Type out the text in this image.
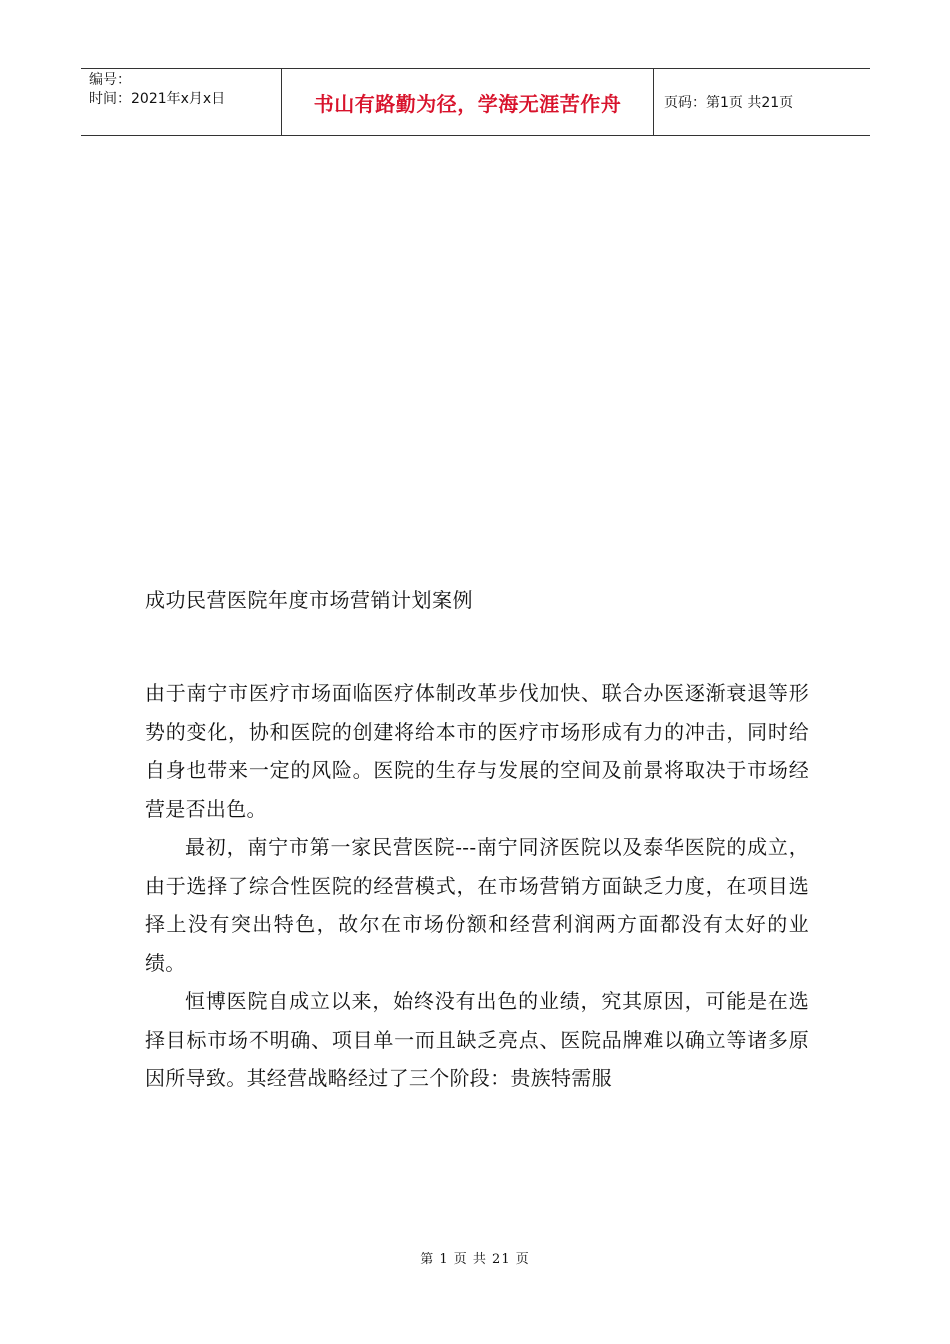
编号：
时间：2021年x月x日	书山有路勤为径，学海无涯苦作舟	页码：第1页 共21页
成功民营医院年度市场营销计划案例

由于南宁市医疗市场面临医疗体制改革步伐加快、联合办医逐渐衰退等形势的变化，协和医院的创建将给本市的医疗市场形成有力的冲击，同时给自身也带来一定的风险。医院的生存与发展的空间及前景将取决于市场经营是否出色。

最初，南宁市第一家民营医院---南宁同济医院以及泰华医院的成立，由于选择了综合性医院的经营模式，在市场营销方面缺乏力度，在项目选择上没有突出特色，故尔在市场份额和经营利润两方面都没有太好的业绩。

恒博医院自成立以来，始终没有出色的业绩，究其原因，可能是在选择目标市场不明确、项目单一而且缺乏亮点、医院品牌难以确立等诸多原因所导致。其经营战略经过了三个阶段：贵族特需服

第 1 页 共 21 页
